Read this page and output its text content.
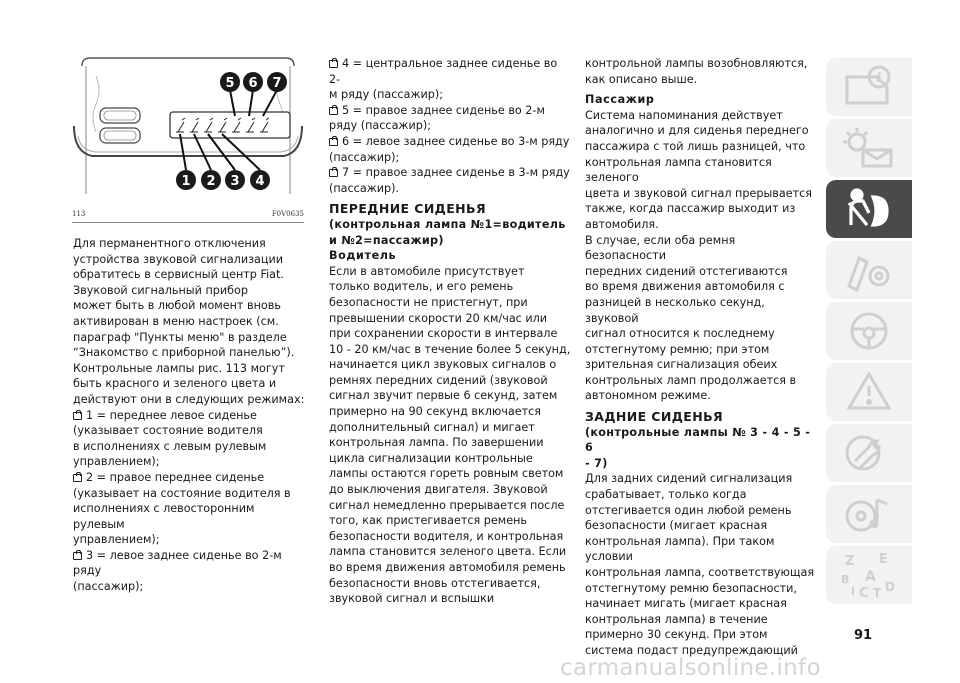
5 6 7
1 2 3 4
113	F0V0635

Для перманентного отключения

устройства звуковой сигнализации

обратитесь в сервисный центр Fiat.

Звуковой сигнальный прибор

может быть в любой момент вновь

активирован в меню настроек (см.

параграф "Пункты меню" в разделе

“Знакомство с приборной панелью”).

Контрольные лампы рис. 113 могут

быть красного и зеленого цвета и

действуют они в следующих режимах:

1 = переднее левое сиденье

(указывает состояние водителя

в исполнениях с левым рулевым

управлением);

2 = правое переднее сиденье

(указывает на состояние водителя в

исполнениях с левосторонним рулевым

управлением);

3 = левое заднее сиденье во 2-м ряду

(пассажир);

4 = центральное заднее сиденье во 2-

м ряду (пассажир);

5 = правое заднее сиденье во 2-м

ряду (пассажир);

6 = левое заднее сиденье во 3-м ряду

(пассажир);

7 = правое заднее сиденье в 3-м ряду

(пассажир).

ПЕРЕДНИЕ СИДЕНЬЯ

(контрольная лампа №1=водитель

и №2=пассажир)

Водитель

Если в автомобиле присутствует

только водитель, и его ремень

безопасности не пристегнут, при

превышении скорости 20 км/час или

при сохранении скорости в интервале

10 - 20 км/час в течение более 5 секунд,

начинается цикл звуковых сигналов о

ремнях передних сидений (звуковой

сигнал звучит первые 6 секунд, затем

примерно на 90 секунд включается

дополнительный сигнал) и мигает

контрольная лампа. По завершении

цикла сигнализации контрольные

лампы остаются гореть ровным светом

до выключения двигателя. Звуковой

сигнал немедленно прерывается после

того, как пристегивается ремень

безопасности водителя, и контрольная

лампа становится зеленого цвета. Если

во время движения автомобиля ремень

безопасности вновь отстегивается,

звуковой сигнал и вспышки

контрольной лампы возобновляются,

как описано выше.

Пассажир

Система напоминания действует

аналогично и для сиденья переднего

пассажира с той лишь разницей, что

контрольная лампа становится зеленого

цвета и звуковой сигнал прерывается

также, когда пассажир выходит из

автомобиля.

В случае, если оба ремня безопасности

передних сидений отстегиваются

во время движения автомобиля с

разницей в несколько секунд, звуковой

сигнал относится к последнему

отстегнутому ремню; при этом

зрительная сигнализация обеих

контрольных ламп продолжается в

автономном режиме.

ЗАДНИЕ СИДЕНЬЯ

(контрольные лампы № 3 - 4 - 5 - 6

- 7)

Для задних сидений сигнализация

срабатывает, только когда

отстегивается один любой ремень

безопасности (мигает красная

контрольная лампа). При таком условии

контрольная лампа, соответствующая

отстегнутому ремню безопасности,

начинает мигать (мигает красная

контрольная лампа) в течение

примерно 30 секунд. При этом

система подаст предупреждающий

i
Z E
B A
I C T D
91
carmanualsonline.info
